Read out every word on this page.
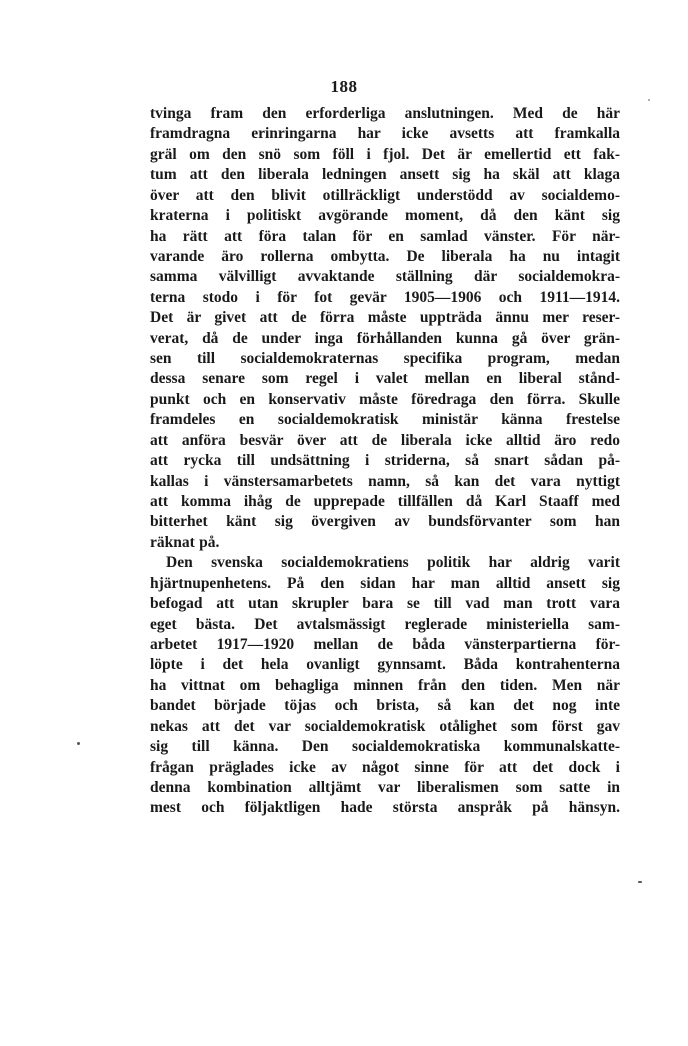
188
tvinga fram den erforderliga anslutningen. Med de här
framdragna erinringarna har icke avsetts att framkalla
gräl om den snö som föll i fjol. Det är emellertid ett fak-
tum att den liberala ledningen ansett sig ha skäl att klaga
över att den blivit otillräckligt understödd av socialdemo-
kraterna i politiskt avgörande moment, då den känt sig
ha rätt att föra talan för en samlad vänster. För när-
varande äro rollerna ombytta. De liberala ha nu intagit
samma välvilligt avvaktande ställning där socialdemokra-
terna stodo i för fot gevär 1905—1906 och 1911—1914.
Det är givet att de förra måste uppträda ännu mer reser-
verat, då de under inga förhållanden kunna gå över grän-
sen till socialdemokraternas specifika program, medan
dessa senare som regel i valet mellan en liberal stånd-
punkt och en konservativ måste föredraga den förra. Skulle
framdeles en socialdemokratisk ministär känna frestelse
att anföra besvär över att de liberala icke alltid äro redo
att rycka till undsättning i striderna, så snart sådan på-
kallas i vänstersamarbetets namn, så kan det vara nyttigt
att komma ihåg de upprepade tillfällen då Karl Staaff med
bitterhet känt sig övergiven av bundsförvanter som han
räknat på.
Den svenska socialdemokratiens politik har aldrig varit
hjärtnupenhetens. På den sidan har man alltid ansett sig
befogad att utan skrupler bara se till vad man trott vara
eget bästa. Det avtalsmässigt reglerade ministeriella sam-
arbetet 1917—1920 mellan de båda vänsterpartierna för-
löpte i det hela ovanligt gynnsamt. Båda kontrahenterna
ha vittnat om behagliga minnen från den tiden. Men när
bandet började töjas och brista, så kan det nog inte
nekas att det var socialdemokratisk otålighet som först gav
sig till känna. Den socialdemokratiska kommunalskatte-
frågan präglades icke av något sinne för att det dock i
denna kombination alltjämt var liberalismen som satte in
mest och följaktligen hade största anspråk på hänsyn.
